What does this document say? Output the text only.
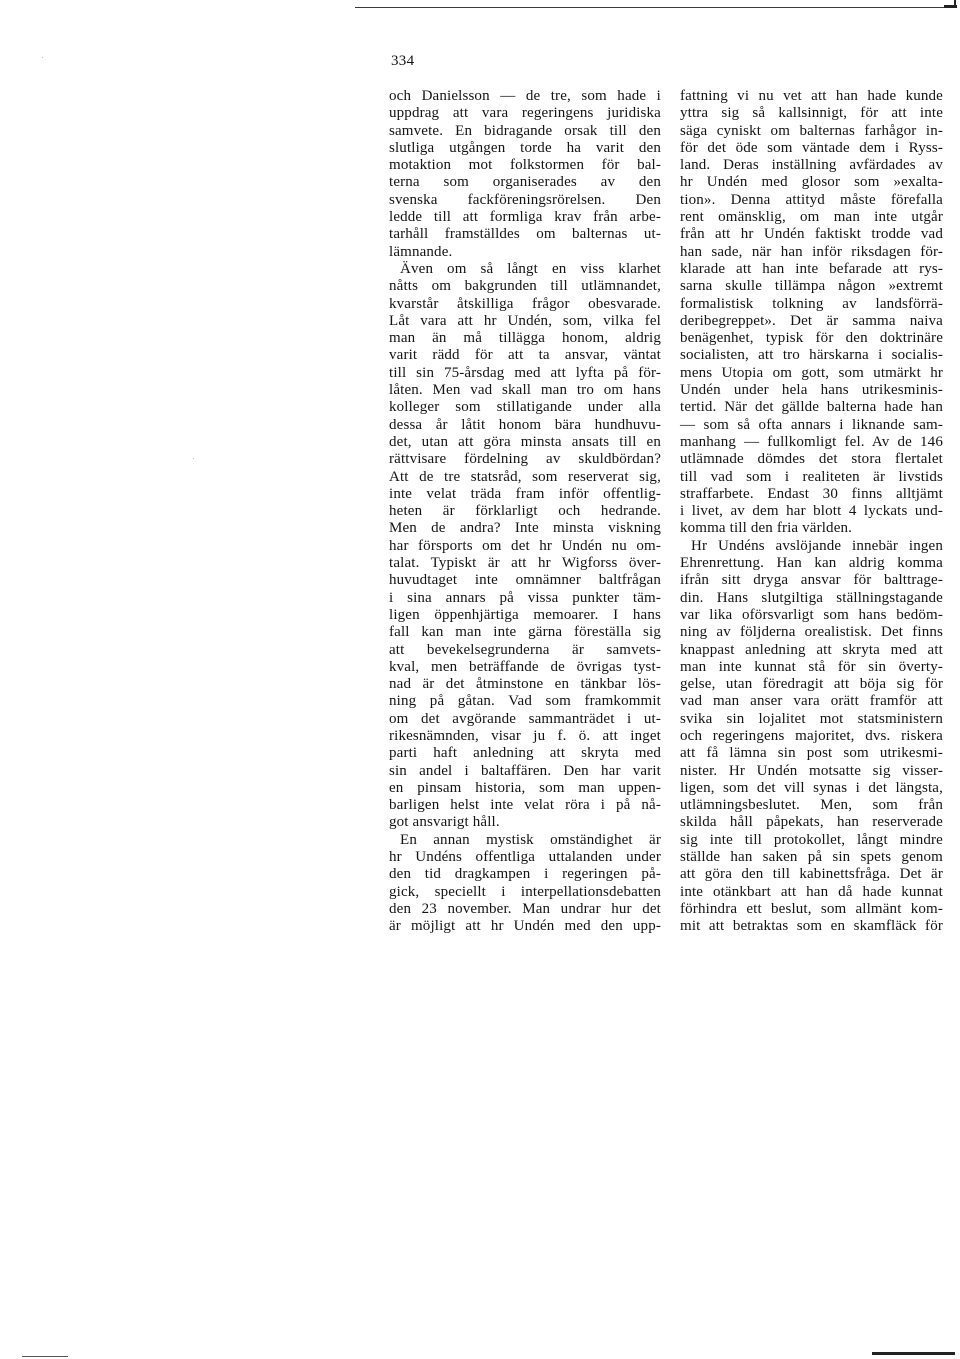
334
och Danielsson — de tre, som hade i
uppdrag att vara regeringens juridiska
samvete. En bidragande orsak till den
slutliga utgången torde ha varit den
motaktion mot folkstormen för bal-
terna som organiserades av den
svenska fackföreningsrörelsen. Den
ledde till att formliga krav från arbe-
tarhåll framställdes om balternas ut-
lämnande.
Även om så långt en viss klarhet
nåtts om bakgrunden till utlämnandet,
kvarstår åtskilliga frågor obesvarade.
Låt vara att hr Undén, som, vilka fel
man än må tillägga honom, aldrig
varit rädd för att ta ansvar, väntat
till sin 75-årsdag med att lyfta på för-
låten. Men vad skall man tro om hans
kolleger som stillatigande under alla
dessa år låtit honom bära hundhuvu-
det, utan att göra minsta ansats till en
rättvisare fördelning av skuldbördan?
Att de tre statsråd, som reserverat sig,
inte velat träda fram inför offentlig-
heten är förklarligt och hedrande.
Men de andra? Inte minsta viskning
har försports om det hr Undén nu om-
talat. Typiskt är att hr Wigforss över-
huvudtaget inte omnämner baltfrågan
i sina annars på vissa punkter täm-
ligen öppenhjärtiga memoarer. I hans
fall kan man inte gärna föreställa sig
att bevekelsegrunderna är samvets-
kval, men beträffande de övrigas tyst-
nad är det åtminstone en tänkbar lös-
ning på gåtan. Vad som framkommit
om det avgörande sammanträdet i ut-
rikesnämnden, visar ju f. ö. att inget
parti haft anledning att skryta med
sin andel i baltaffären. Den har varit
en pinsam historia, som man uppen-
barligen helst inte velat röra i på nå-
got ansvarigt håll.
En annan mystisk omständighet är
hr Undéns offentliga uttalanden under
den tid dragkampen i regeringen på-
gick, speciellt i interpellationsdebatten
den 23 november. Man undrar hur det
är möjligt att hr Undén med den upp-
fattning vi nu vet att han hade kunde
yttra sig så kallsinnigt, för att inte
säga cyniskt om balternas farhågor in-
för det öde som väntade dem i Ryss-
land. Deras inställning avfärdades av
hr Undén med glosor som »exalta-
tion». Denna attityd måste förefalla
rent omänsklig, om man inte utgår
från att hr Undén faktiskt trodde vad
han sade, när han inför riksdagen för-
klarade att han inte befarade att rys-
sarna skulle tillämpa någon »extremt
formalistisk tolkning av landsförrä-
deribegreppet». Det är samma naiva
benägenhet, typisk för den doktrinäre
socialisten, att tro härskarna i socialis-
mens Utopia om gott, som utmärkt hr
Undén under hela hans utrikesminis-
tertid. När det gällde balterna hade han
— som så ofta annars i liknande sam-
manhang — fullkomligt fel. Av de 146
utlämnade dömdes det stora flertalet
till vad som i realiteten är livstids
straffarbete. Endast 30 finns alltjämt
i livet, av dem har blott 4 lyckats und-
komma till den fria världen.
Hr Undéns avslöjande innebär ingen
Ehrenrettung. Han kan aldrig komma
ifrån sitt dryga ansvar för balttrage-
din. Hans slutgiltiga ställningstagande
var lika oförsvarligt som hans bedöm-
ning av följderna orealistisk. Det finns
knappast anledning att skryta med att
man inte kunnat stå för sin överty-
gelse, utan föredragit att böja sig för
vad man anser vara orätt framför att
svika sin lojalitet mot statsministern
och regeringens majoritet, dvs. riskera
att få lämna sin post som utrikesmi-
nister. Hr Undén motsatte sig visser-
ligen, som det vill synas i det längsta,
utlämningsbeslutet. Men, som från
skilda håll påpekats, han reserverade
sig inte till protokollet, långt mindre
ställde han saken på sin spets genom
att göra den till kabinettsfråga. Det är
inte otänkbart att han då hade kunnat
förhindra ett beslut, som allmänt kom-
mit att betraktas som en skamfläck för
